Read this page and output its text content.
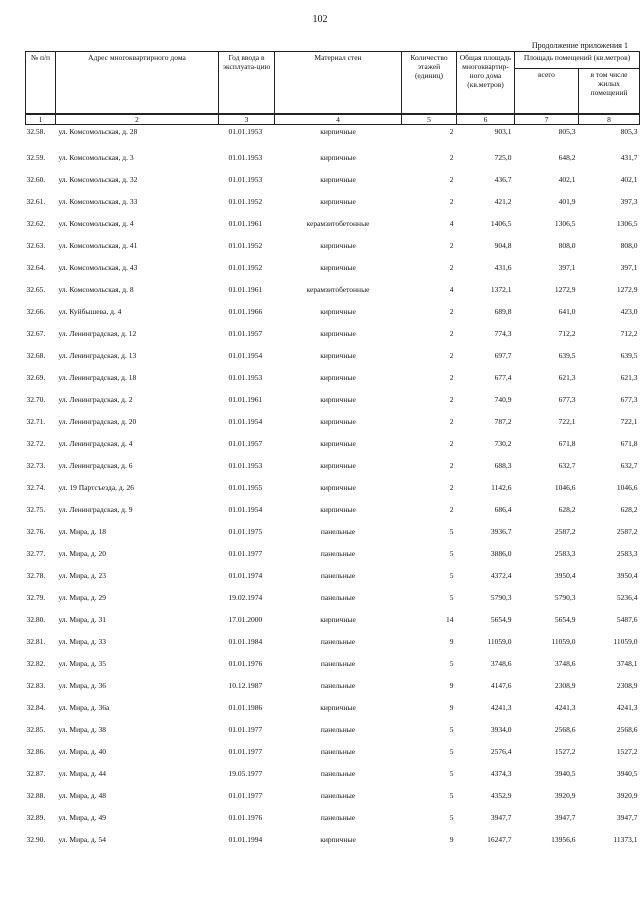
102
Продолжение приложения 1
№ п/п	Адрес многоквартирного дома	Год ввода в эксплуата-цию	Материал стен	Количество этажей (единиц)	Общая площадь многоквартир-ного дома (кв.метров)	Площадь помещений (кв.метров)	
						всего	в том числе жилых помещений
1	2	3	4	5	6	7	8
32.58.	ул. Комсомольская, д. 28	01.01.1953	кирпичные	2	903,1	805,3	805,3
32.59.	ул. Комсомольская, д. 3	01.01.1953	кирпичные	2	725,0	648,2	431,7
32.60.	ул. Комсомольская, д. 32	01.01.1953	кирпичные	2	436,7	402,1	402,1
32.61.	ул. Комсомольская, д. 33	01.01.1952	кирпичные	2	421,2	401,9	397,3
32.62.	ул. Комсомольская, д. 4	01.01.1961	керамзитобетонные	4	1406,5	1306,5	1306,5
32.63.	ул. Комсомольская, д. 41	01.01.1952	кирпичные	2	904,8	808,0	808,0
32.64.	ул. Комсомольская, д. 43	01.01.1952	кирпичные	2	431,6	397,1	397,1
32.65.	ул. Комсомольская, д. 8	01.01.1961	керамзитобетонные	4	1372,1	1272,9	1272,9
32.66.	ул. Куйбышева, д. 4	01.01.1966	кирпичные	2	689,8	641,0	423,0
32.67.	ул. Ленинградская, д. 12	01.01.1957	кирпичные	2	774,3	712,2	712,2
32.68.	ул. Ленинградская, д. 13	01.01.1954	кирпичные	2	697,7	639,5	639,5
32.69.	ул. Ленинградская, д. 18	01.01.1953	кирпичные	2	677,4	621,3	621,3
32.70.	ул. Ленинградская, д. 2	01.01.1961	кирпичные	2	740,9	677,3	677,3
32.71.	ул. Ленинградская, д. 20	01.01.1954	кирпичные	2	787,2	722,1	722,1
32.72.	ул. Ленинградская, д. 4	01.01.1957	кирпичные	2	730,2	671,8	671,8
32.73.	ул. Ленинградская, д. 6	01.01.1953	кирпичные	2	688,3	632,7	632,7
32.74.	ул. 19 Партсъезда, д. 26	01.01.1955	кирпичные	2	1142,6	1046,6	1046,6
32.75.	ул. Ленинградская, д. 9	01.01.1954	кирпичные	2	686,4	628,2	628,2
32.76.	ул. Мира, д. 18	01.01.1975	панельные	5	3936,7	2587,2	2587,2
32.77.	ул. Мира, д. 20	01.01.1977	панельные	5	3886,0	2583,3	2583,3
32.78.	ул. Мира, д. 23	01.01.1974	панельные	5	4372,4	3950,4	3950,4
32.79.	ул. Мира, д. 29	19.02.1974	панельные	5	5790,3	5790,3	5236,4
32.80.	ул. Мира, д. 31	17.01.2000	кирпичные	14	5654,9	5654,9	5487,6
32.81.	ул. Мира, д. 33	01.01.1984	панельные	9	11059,0	11059,0	11059,0
32.82.	ул. Мира, д. 35	01.01.1976	панельные	5	3748,6	3748,6	3748,1
32.83.	ул. Мира, д. 36	10.12.1987	панельные	9	4147,6	2308,9	2308,9
32.84.	ул. Мира, д. 36а	01.01.1986	кирпичные	9	4241,3	4241,3	4241,3
32.85.	ул. Мира, д. 38	01.01.1977	панельные	5	3934,0	2568,6	2568,6
32.86.	ул. Мира, д. 40	01.01.1977	панельные	5	2576,4	1527,2	1527,2
32.87.	ул. Мира, д. 44	19.05.1977	панельные	5	4374,3	3940,5	3940,5
32.88.	ул. Мира, д. 48	01.01.1977	панельные	5	4352,9	3920,9	3920,9
32.89.	ул. Мира, д. 49	01.01.1976	панельные	5	3947,7	3947,7	3947,7
32.90.	ул. Мира, д. 54	01.01.1994	кирпичные	9	16247,7	13956,6	11373,1
